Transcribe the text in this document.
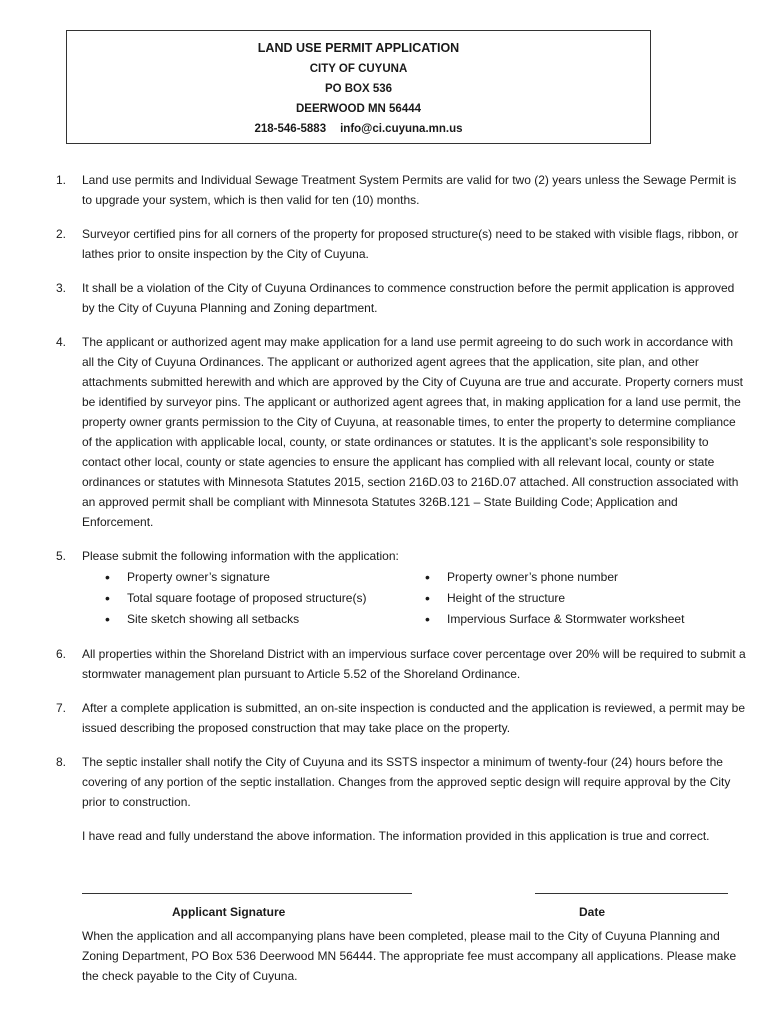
LAND USE PERMIT APPLICATION
CITY OF CUYUNA
PO BOX 536
DEERWOOD MN 56444
218-546-5883 info@ci.cuyuna.mn.us
1. Land use permits and Individual Sewage Treatment System Permits are valid for two (2) years unless the Sewage Permit is to upgrade your system, which is then valid for ten (10) months.

2. Surveyor certified pins for all corners of the property for proposed structure(s) need to be staked with visible flags, ribbon, or lathes prior to onsite inspection by the City of Cuyuna.

3. It shall be a violation of the City of Cuyuna Ordinances to commence construction before the permit application is approved by the City of Cuyuna Planning and Zoning department.

4. The applicant or authorized agent may make application for a land use permit agreeing to do such work in accordance with all the City of Cuyuna Ordinances. The applicant or authorized agent agrees that the application, site plan, and other attachments submitted herewith and which are approved by the City of Cuyuna are true and accurate. Property corners must be identified by surveyor pins. The applicant or authorized agent agrees that, in making application for a land use permit, the property owner grants permission to the City of Cuyuna, at reasonable times, to enter the property to determine compliance of the application with applicable local, county, or state ordinances or statutes. It is the applicant’s sole responsibility to contact other local, county or state agencies to ensure the applicant has complied with all relevant local, county or state ordinances or statutes with Minnesota Statutes 2015, section 216D.03 to 216D.07 attached. All construction associated with an approved permit shall be compliant with Minnesota Statutes 326B.121 – State Building Code; Application and Enforcement.

5. Please submit the following information with the application:

• Property owner’s signature	• Property owner’s phone number
• Total square footage of proposed structure(s)	• Height of the structure
• Site sketch showing all setbacks	• Impervious Surface & Stormwater worksheet
6. All properties within the Shoreland District with an impervious surface cover percentage over 20% will be required to submit a stormwater management plan pursuant to Article 5.52 of the Shoreland Ordinance.

7. After a complete application is submitted, an on-site inspection is conducted and the application is reviewed, a permit may be issued describing the proposed construction that may take place on the property.

8. The septic installer shall notify the City of Cuyuna and its SSTS inspector a minimum of twenty-four (24) hours before the covering of any portion of the septic installation. Changes from the approved septic design will require approval by the City prior to construction.

I have read and fully understand the above information. The information provided in this application is true and correct.
Applicant Signature	Date
When the application and all accompanying plans have been completed, please mail to the City of Cuyuna Planning and Zoning Department, PO Box 536 Deerwood MN 56444. The appropriate fee must accompany all applications. Please make the check payable to the City of Cuyuna.
